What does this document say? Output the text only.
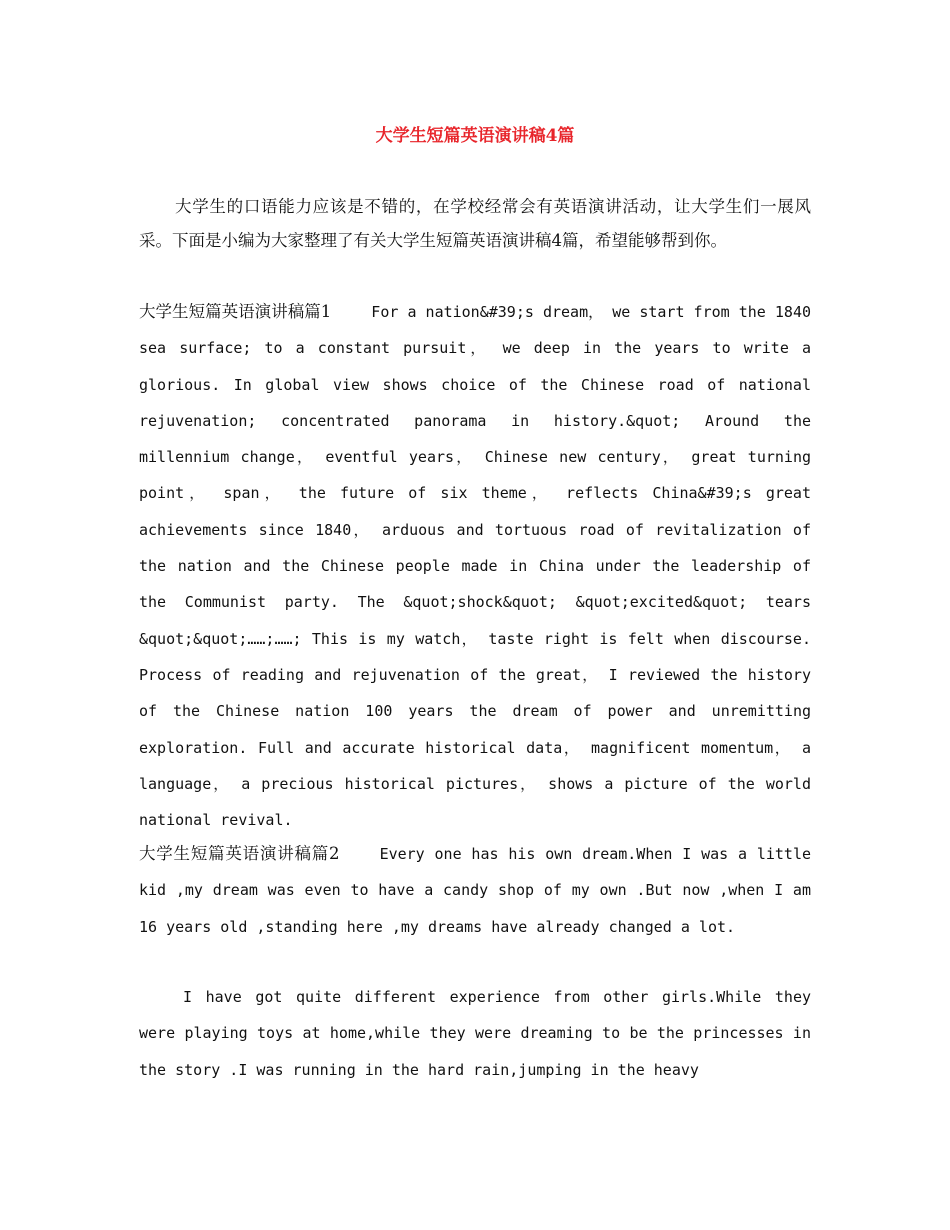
大学生短篇英语演讲稿4篇
大学生的口语能力应该是不错的，在学校经常会有英语演讲活动，让大学生们一展风采。下面是小编为大家整理了有关大学生短篇英语演讲稿4篇，希望能够帮到你。
大学生短篇英语演讲稿篇1	For a nation&#39;s dream， we start from the 1840 sea surface; to a constant pursuit， we deep in the years to write a glorious. In global view shows choice of the Chinese road of national rejuvenation; concentrated panorama in history.&quot; Around the millennium change， eventful years， Chinese new century， great turning point， span， the future of six theme， reflects China&#39;s great achievements since 1840， arduous and tortuous road of revitalization of the nation and the Chinese people made in China under the leadership of the Communist party. The &quot;shock&quot; &quot;excited&quot; tears &quot;&quot;……;……; This is my watch， taste right is felt when discourse. Process of reading and rejuvenation of the great， I reviewed the history of the Chinese nation 100 years the dream of power and unremitting exploration. Full and accurate historical data， magnificent momentum， a language， a precious historical pictures， shows a picture of the world national revival.
大学生短篇英语演讲稿篇2	Every one has his own dream.When I was a little kid ,my dream was even to have a candy shop of my own .But now ,when I am 16 years old ,standing here ,my dreams have already changed a lot.
I have got quite different experience from other girls.While they were playing toys at home,while they were dreaming to be the princesses in the story .I was running in the hard rain,jumping in the heavy
